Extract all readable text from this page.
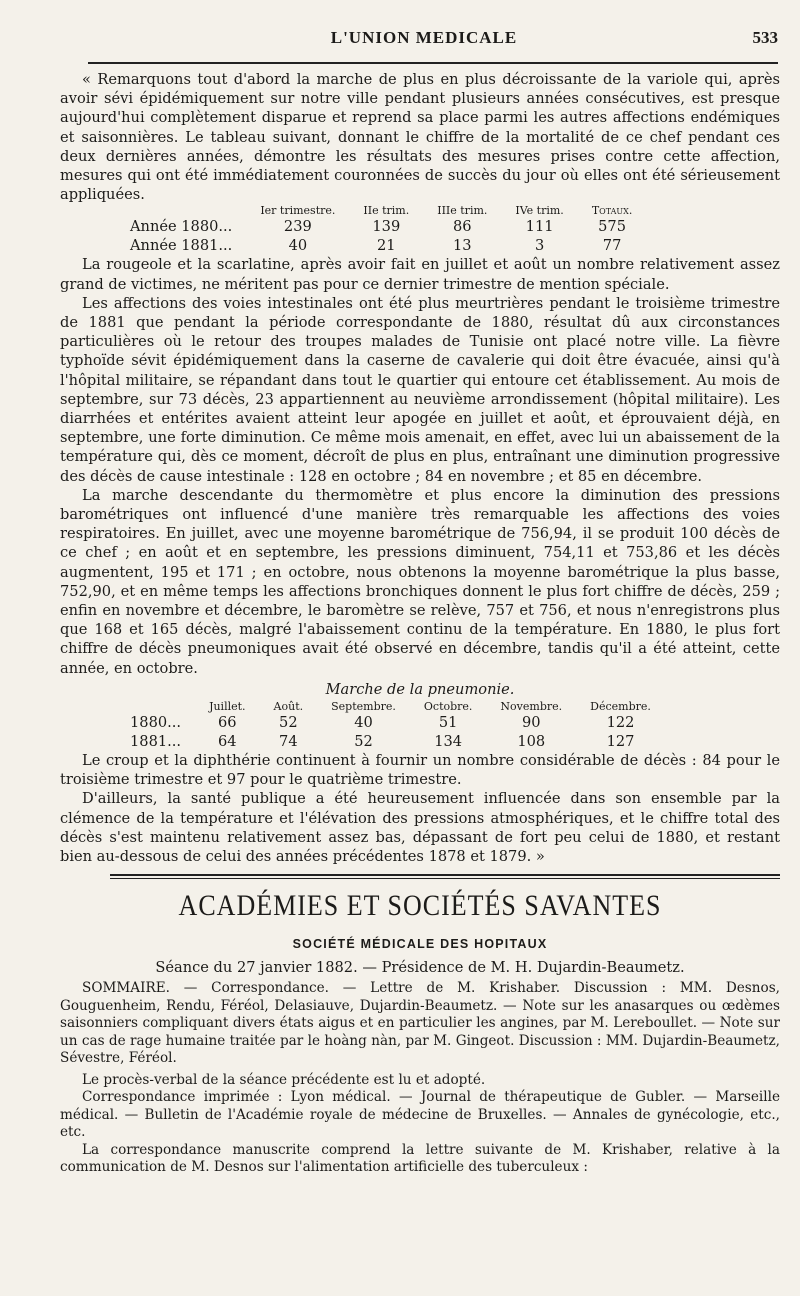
L'UNION MEDICALE	533

« Remarquons tout d'abord la marche de plus en plus décroissante de la variole qui, après avoir sévi épidémiquement sur notre ville pendant plusieurs années consécutives, est presque aujourd'hui complètement disparue et reprend sa place parmi les autres affections endémiques et saisonnières. Le tableau suivant, donnant le chiffre de la mortalité de ce chef pendant ces deux dernières années, démontre les résultats des mesures prises contre cette affection, mesures qui ont été immédiatement couronnées de succès du jour où elles ont été sérieusement appliquées.

	Ier trimestre.	IIe trim.	IIIe trim.	IVe trim.	Totaux.
Année 1880...	239	139	86	111	575
Année 1881...	40	21	13	3	77

La rougeole et la scarlatine, après avoir fait en juillet et août un nombre relativement assez grand de victimes, ne méritent pas pour ce dernier trimestre de mention spéciale.

Les affections des voies intestinales ont été plus meurtrières pendant le troisième trimestre de 1881 que pendant la période correspondante de 1880, résultat dû aux circonstances particulières où le retour des troupes malades de Tunisie ont placé notre ville. La fièvre typhoïde sévit épidémiquement dans la caserne de cavalerie qui doit être évacuée, ainsi qu'à l'hôpital militaire, se répandant dans tout le quartier qui entoure cet établissement. Au mois de septembre, sur 73 décès, 23 appartiennent au neuvième arrondissement (hôpital militaire). Les diarrhées et entérites avaient atteint leur apogée en juillet et août, et éprouvaient déjà, en septembre, une forte diminution. Ce même mois amenait, en effet, avec lui un abaissement de la température qui, dès ce moment, décroît de plus en plus, entraînant une diminution progressive des décès de cause intestinale : 128 en octobre ; 84 en novembre ; et 85 en décembre.

La marche descendante du thermomètre et plus encore la diminution des pressions barométriques ont influencé d'une manière très remarquable les affections des voies respiratoires. En juillet, avec une moyenne barométrique de 756,94, il se produit 100 décès de ce chef ; en août et en septembre, les pressions diminuent, 754,11 et 753,86 et les décès augmentent, 195 et 171 ; en octobre, nous obtenons la moyenne barométrique la plus basse, 752,90, et en même temps les affections bronchiques donnent le plus fort chiffre de décès, 259 ; enfin en novembre et décembre, le baromètre se relève, 757 et 756, et nous n'enregistrons plus que 168 et 165 décès, malgré l'abaissement continu de la température. En 1880, le plus fort chiffre de décès pneumoniques avait été observé en décembre, tandis qu'il a été atteint, cette année, en octobre.

Marche de la pneumonie.
	Juillet.	Août.	Septembre.	Octobre.	Novembre.	Décembre.
1880...	66	52	40	51	90	122
1881...	64	74	52	134	108	127

Le croup et la diphthérie continuent à fournir un nombre considérable de décès : 84 pour le troisième trimestre et 97 pour le quatrième trimestre.

D'ailleurs, la santé publique a été heureusement influencée dans son ensemble par la clémence de la température et l'élévation des pressions atmosphériques, et le chiffre total des décès s'est maintenu relativement assez bas, dépassant de fort peu celui de 1880, et restant bien au-dessous de celui des années précédentes 1878 et 1879. »

ACADÉMIES ET SOCIÉTÉS SAVANTES
SOCIÉTÉ MÉDICALE DES HOPITAUX
Séance du 27 janvier 1882. — Présidence de M. H. Dujardin-Beaumetz.

SOMMAIRE. — Correspondance. — Lettre de M. Krishaber. Discussion : MM. Desnos, Gouguenheim, Rendu, Féréol, Delasiauve, Dujardin-Beaumetz. — Note sur les anasarques ou œdèmes saisonniers compliquant divers états aigus et en particulier les angines, par M. Lereboullet. — Note sur un cas de rage humaine traitée par le hoàng nàn, par M. Gingeot. Discussion : MM. Dujardin-Beaumetz, Sévestre, Féréol.

Le procès-verbal de la séance précédente est lu et adopté.

Correspondance imprimée : Lyon médical. — Journal de thérapeutique de Gubler. — Marseille médical. — Bulletin de l'Académie royale de médecine de Bruxelles. — Annales de gynécologie, etc., etc.

La correspondance manuscrite comprend la lettre suivante de M. Krishaber, relative à la communication de M. Desnos sur l'alimentation artificielle des tuberculeux :
